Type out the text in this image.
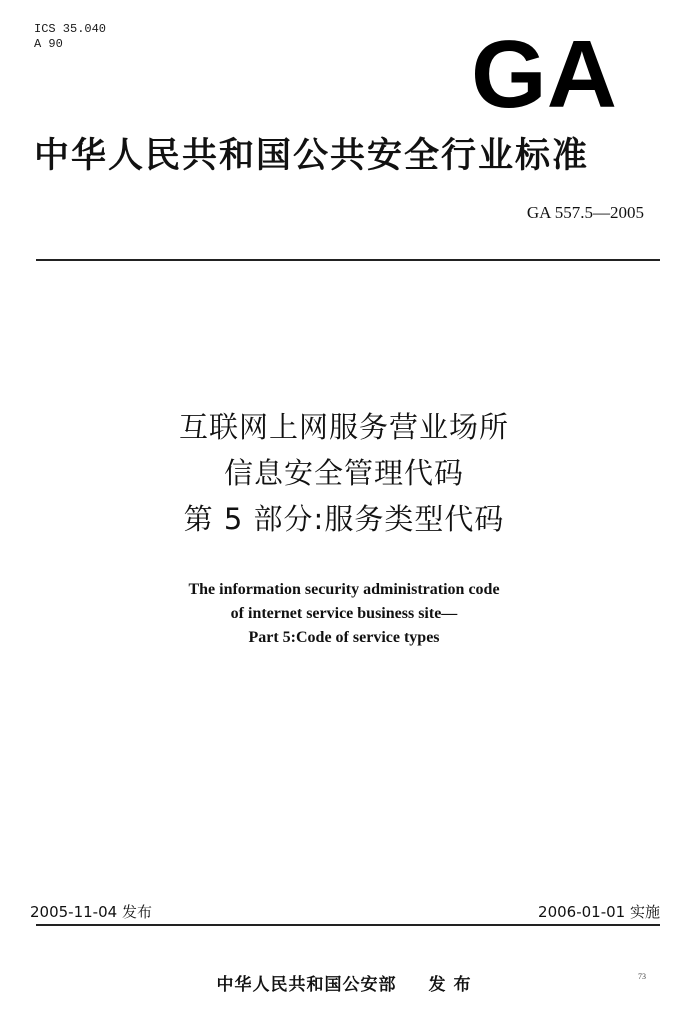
ICS 35.040
A 90	GA
中华人民共和国公共安全行业标准
GA 557.5—2005
互联网上网服务营业场所
信息安全管理代码
第 5 部分:服务类型代码
The information security administration code
of internet service business site—
Part 5:Code of service types
2005-11-04 发布	2006-01-01 实施
中华人民共和国公安部 发 布	73
